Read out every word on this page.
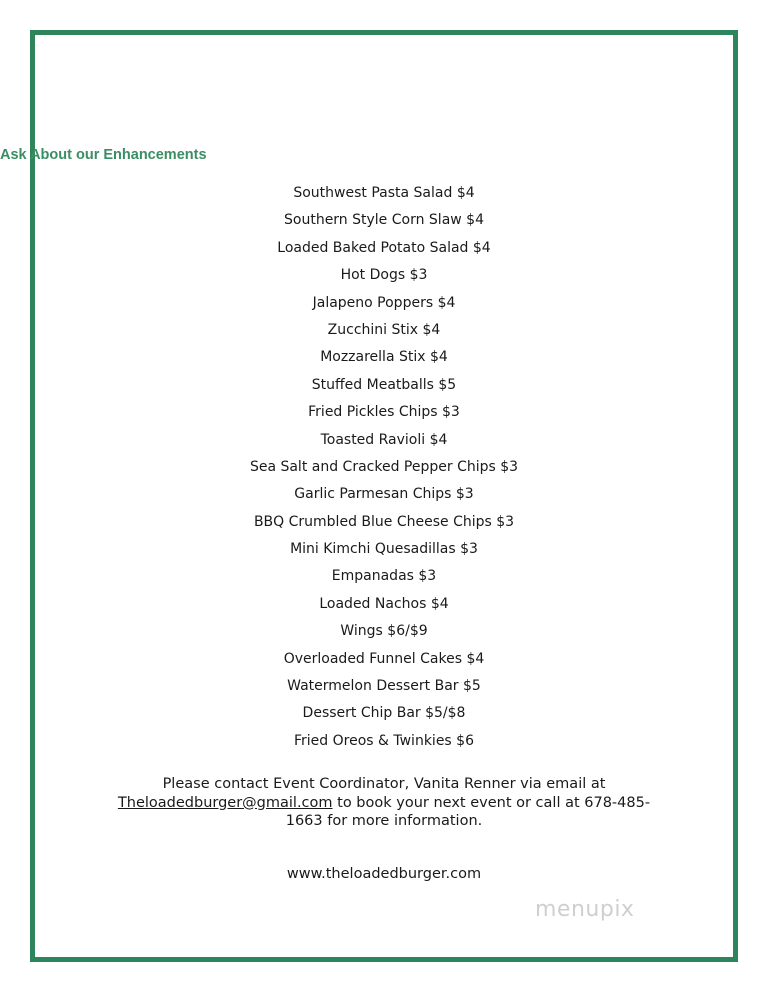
Ask About our Enhancements
Southwest Pasta Salad $4
Southern Style Corn Slaw $4
Loaded Baked Potato Salad $4
Hot Dogs $3
Jalapeno Poppers $4
Zucchini Stix $4
Mozzarella Stix $4
Stuffed Meatballs $5
Fried Pickles Chips $3
Toasted Ravioli $4
Sea Salt and Cracked Pepper Chips $3
Garlic Parmesan Chips $3
BBQ Crumbled Blue Cheese Chips $3
Mini Kimchi Quesadillas $3
Empanadas $3
Loaded Nachos $4
Wings $6/$9
Overloaded Funnel Cakes $4
Watermelon Dessert Bar $5
Dessert Chip Bar $5/$8
Fried Oreos & Twinkies $6
Please contact Event Coordinator, Vanita Renner via email at
Theloadedburger@gmail.com to book your next event or call at 678-485-1663 for more information.
www.theloadedburger.com
menupix
